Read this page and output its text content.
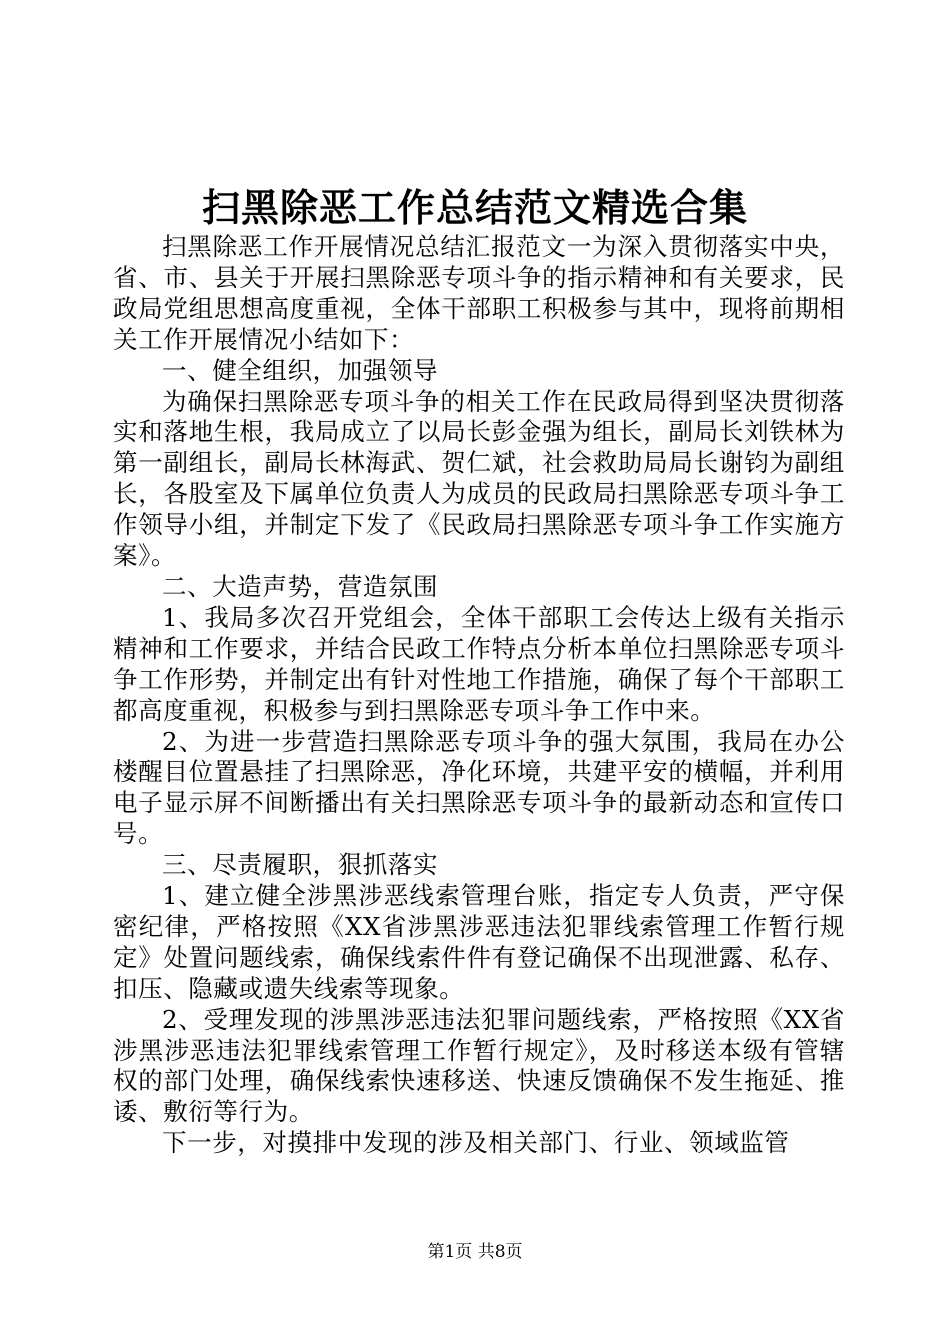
扫黑除恶工作总结范文精选合集

扫黑除恶工作开展情况总结汇报范文一为深入贯彻落实中央，省、市、县关于开展扫黑除恶专项斗争的指示精神和有关要求，民政局党组思想高度重视，全体干部职工积极参与其中，现将前期相关工作开展情况小结如下：

一、健全组织，加强领导

为确保扫黑除恶专项斗争的相关工作在民政局得到坚决贯彻落实和落地生根，我局成立了以局长彭金强为组长，副局长刘铁林为第一副组长，副局长林海武、贺仁斌，社会救助局局长谢钧为副组长，各股室及下属单位负责人为成员的民政局扫黑除恶专项斗争工作领导小组，并制定下发了《民政局扫黑除恶专项斗争工作实施方案》。

二、大造声势，营造氛围

1、我局多次召开党组会，全体干部职工会传达上级有关指示精神和工作要求，并结合民政工作特点分析本单位扫黑除恶专项斗争工作形势，并制定出有针对性地工作措施，确保了每个干部职工都高度重视，积极参与到扫黑除恶专项斗争工作中来。

2、为进一步营造扫黑除恶专项斗争的强大氛围，我局在办公楼醒目位置悬挂了扫黑除恶，净化环境，共建平安的横幅，并利用电子显示屏不间断播出有关扫黑除恶专项斗争的最新动态和宣传口号。

三、尽责履职，狠抓落实

1、建立健全涉黑涉恶线索管理台账，指定专人负责，严守保密纪律，严格按照《XX省涉黑涉恶违法犯罪线索管理工作暂行规定》处置问题线索，确保线索件件有登记确保不出现泄露、私存、扣压、隐藏或遗失线索等现象。

2、受理发现的涉黑涉恶违法犯罪问题线索，严格按照《XX省涉黑涉恶违法犯罪线索管理工作暂行规定》，及时移送本级有管辖权的部门处理，确保线索快速移送、快速反馈确保不发生拖延、推诿、敷衍等行为。

下一步，对摸排中发现的涉及相关部门、行业、领域监管

第1页 共8页
